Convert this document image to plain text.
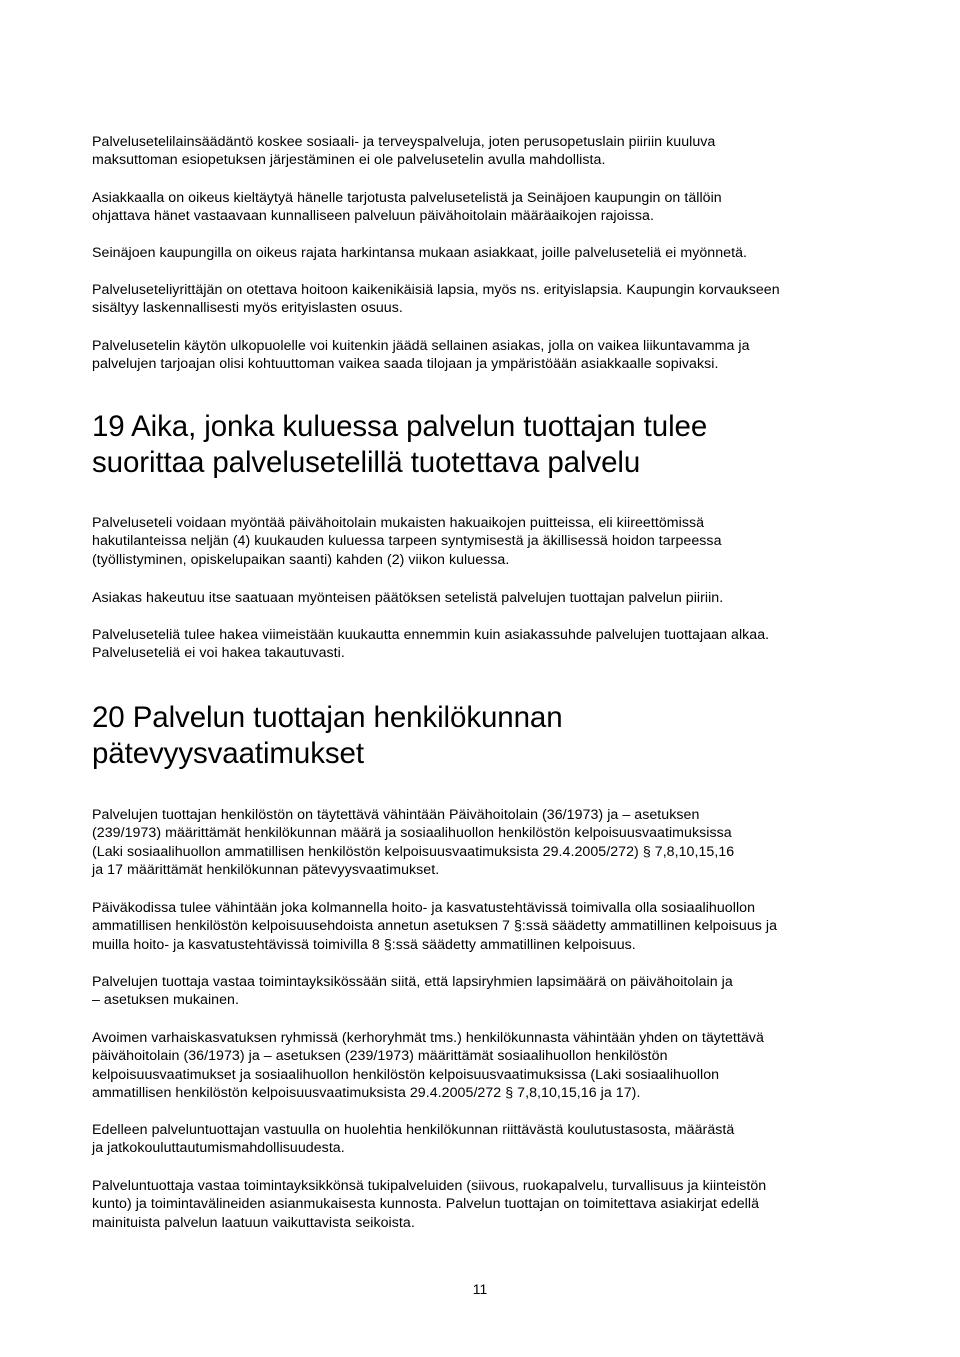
Palvelusetelilainsäädäntö koskee sosiaali- ja terveyspalveluja, joten perusopetuslain piiriin kuuluva
maksuttoman esiopetuksen järjestäminen ei ole palvelusetelin avulla mahdollista.

Asiakkaalla on oikeus kieltäytyä hänelle tarjotusta palvelusetelistä ja Seinäjoen kaupungin on tällöin
ohjattava hänet vastaavaan kunnalliseen palveluun päivähoitolain määräaikojen rajoissa.

Seinäjoen kaupungilla on oikeus rajata harkintansa mukaan asiakkaat, joille palveluseteliä ei myönnetä.

Palveluseteliyrittäjän on otettava hoitoon kaikenikäisiä lapsia, myös ns. erityislapsia. Kaupungin korvaukseen
sisältyy laskennallisesti myös erityislasten osuus.

Palvelusetelin käytön ulkopuolelle voi kuitenkin jäädä sellainen asiakas, jolla on vaikea liikuntavamma ja
palvelujen tarjoajan olisi kohtuuttoman vaikea saada tilojaan ja ympäristöään asiakkaalle sopivaksi.

19 Aika, jonka kuluessa palvelun tuottajan tulee
suorittaa palvelusetelillä tuotettava palvelu

Palveluseteli voidaan myöntää päivähoitolain mukaisten hakuaikojen puitteissa, eli kiireettömissä
hakutilanteissa neljän (4) kuukauden kuluessa tarpeen syntymisestä ja äkillisessä hoidon tarpeessa
(työllistyminen, opiskelupaikan saanti) kahden (2) viikon kuluessa.

Asiakas hakeutuu itse saatuaan myönteisen päätöksen setelistä palvelujen tuottajan palvelun piiriin.

Palveluseteliä tulee hakea viimeistään kuukautta ennemmin kuin asiakassuhde palvelujen tuottajaan alkaa.
Palveluseteliä ei voi hakea takautuvasti.

20 Palvelun tuottajan henkilökunnan
pätevyysvaatimukset

Palvelujen tuottajan henkilöstön on täytettävä vähintään Päivähoitolain (36/1973) ja – asetuksen
(239/1973) määrittämät henkilökunnan määrä ja sosiaalihuollon henkilöstön kelpoisuusvaatimuksissa
(Laki sosiaalihuollon ammatillisen henkilöstön kelpoisuusvaatimuksista 29.4.2005/272) § 7,8,10,15,16
ja 17 määrittämät henkilökunnan pätevyysvaatimukset.

Päiväkodissa tulee vähintään joka kolmannella hoito- ja kasvatustehtävissä toimivalla olla sosiaalihuollon
ammatillisen henkilöstön kelpoisuusehdoista annetun asetuksen 7 §:ssä säädetty ammatillinen kelpoisuus ja
muilla hoito- ja kasvatustehtävissä toimivilla 8 §:ssä säädetty ammatillinen kelpoisuus.

Palvelujen tuottaja vastaa toimintayksikössään siitä, että lapsiryhmien lapsimäärä on päivähoitolain ja
– asetuksen mukainen.

Avoimen varhaiskasvatuksen ryhmissä (kerhoryhmät tms.) henkilökunnasta vähintään yhden on täytettävä
päivähoitolain (36/1973) ja – asetuksen (239/1973) määrittämät sosiaalihuollon henkilöstön
kelpoisuusvaatimukset ja sosiaalihuollon henkilöstön kelpoisuusvaatimuksissa (Laki sosiaalihuollon
ammatillisen henkilöstön kelpoisuusvaatimuksista 29.4.2005/272 § 7,8,10,15,16 ja 17).

Edelleen palveluntuottajan vastuulla on huolehtia henkilökunnan riittävästä koulutustasosta, määrästä
ja jatkokouluttautumismahdollisuudesta.

Palveluntuottaja vastaa toimintayksikkönsä tukipalveluiden (siivous, ruokapalvelu, turvallisuus ja kiinteistön
kunto) ja toimintavälineiden asianmukaisesta kunnosta. Palvelun tuottajan on toimitettava asiakirjat edellä
mainituista palvelun laatuun vaikuttavista seikoista.

11
